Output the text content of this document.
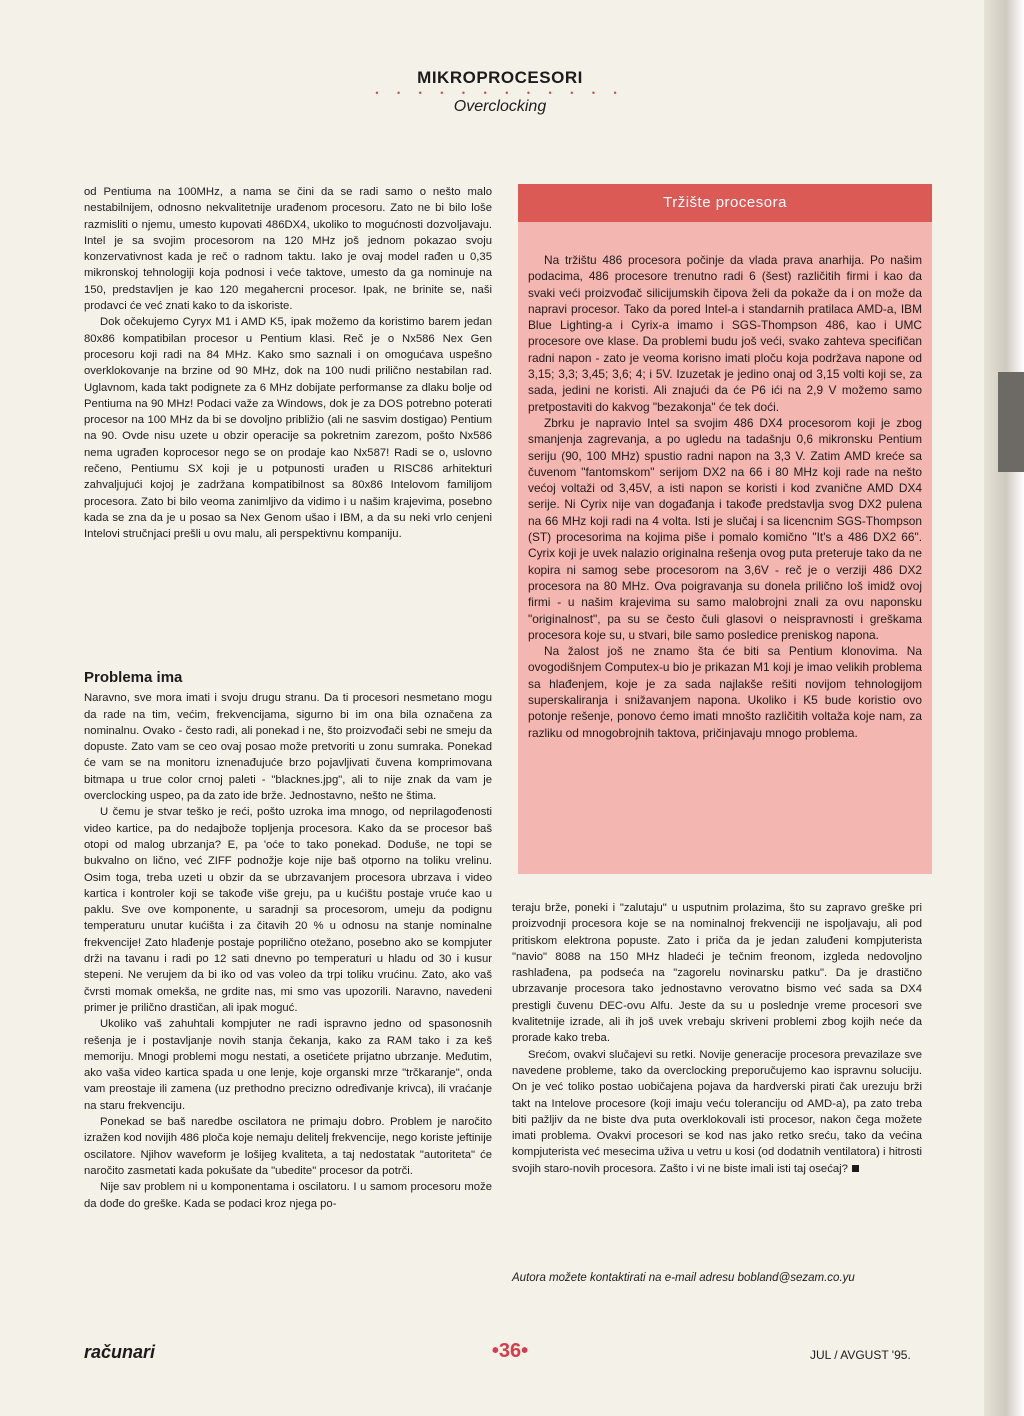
MIKROPROCESORI
• • • • • • • • • • • •
Overclocking

od Pentiuma na 100MHz, a nama se čini da se radi samo o nešto malo nestabilnijem, odnosno nekvalitetnije urađenom procesoru. Zato ne bi bilo loše razmisliti o njemu, umesto kupovati 486DX4, ukoliko to mogućnosti dozvoljavaju. Intel je sa svojim procesorom na 120 MHz još jednom pokazao svoju konzervativnost kada je reč o radnom taktu. Iako je ovaj model rađen u 0,35 mikronskoj tehnologiji koja podnosi i veće taktove, umesto da ga nominuje na 150, predstavljen je kao 120 megahercni procesor. Ipak, ne brinite se, naši prodavci će već znati kako to da iskoriste.

Dok očekujemo Cyryx M1 i AMD K5, ipak možemo da koristimo barem jedan 80x86 kompatibilan procesor u Pentium klasi. Reč je o Nx586 Nex Gen procesoru koji radi na 84 MHz. Kako smo saznali i on omogućava uspešno overklokovanje na brzine od 90 MHz, dok na 100 nudi prilično nestabilan rad. Uglavnom, kada takt podignete za 6 MHz dobijate performanse za dlaku bolje od Pentiuma na 90 MHz! Podaci važe za Windows, dok je za DOS potrebno poterati procesor na 100 MHz da bi se dovoljno približio (ali ne sasvim dostigao) Pentium na 90. Ovde nisu uzete u obzir operacije sa pokretnim zarezom, pošto Nx586 nema ugrađen koprocesor nego se on prodaje kao Nx587! Radi se o, uslovno rečeno, Pentiumu SX koji je u potpunosti urađen u RISC86 arhitekturi zahvaljujući kojoj je zadržana kompatibilnost sa 80x86 Intelovom familijom procesora. Zato bi bilo veoma zanimljivo da vidimo i u našim krajevima, posebno kada se zna da je u posao sa Nex Genom ušao i IBM, a da su neki vrlo cenjeni Intelovi stručnjaci prešli u ovu malu, ali perspektivnu kompaniju.

Problema ima

Naravno, sve mora imati i svoju drugu stranu. Da ti procesori nesmetano mogu da rade na tim, većim, frekvencijama, sigurno bi im ona bila označena za nominalnu. Ovako - često radi, ali ponekad i ne, što proizvođači sebi ne smeju da dopuste. Zato vam se ceo ovaj posao može pretvoriti u zonu sumraka. Ponekad će vam se na monitoru iznenađujuće brzo pojavljivati čuvena komprimovana bitmapa u true color crnoj paleti - "blacknes.jpg", ali to nije znak da vam je overclocking uspeo, pa da zato ide brže. Jednostavno, nešto ne štima.

U čemu je stvar teško je reći, pošto uzroka ima mnogo, od neprilagođenosti video kartice, pa do nedajbože topljenja procesora. Kako da se procesor baš otopi od malog ubrzanja? E, pa 'oće to tako ponekad. Doduše, ne topi se bukvalno on lično, već ZIFF podnožje koje nije baš otporno na toliku vrelinu. Osim toga, treba uzeti u obzir da se ubrzavanjem procesora ubrzava i video kartica i kontroler koji se takođe više greju, pa u kućištu postaje vruće kao u paklu. Sve ove komponente, u saradnji sa procesorom, umeju da podignu temperaturu unutar kućišta i za čitavih 20 % u odnosu na stanje nominalne frekvencije! Zato hlađenje postaje poprilično otežano, posebno ako se kompjuter drži na tavanu i radi po 12 sati dnevno po temperaturi u hladu od 30 i kusur stepeni. Ne verujem da bi iko od vas voleo da trpi toliku vrućinu. Zato, ako vaš čvrsti momak omekša, ne grdite nas, mi smo vas upozorili. Naravno, navedeni primer je prilično drastičan, ali ipak moguć.

Ukoliko vaš zahuhtali kompjuter ne radi ispravno jedno od spasonosnih rešenja je i postavljanje novih stanja čekanja, kako za RAM tako i za keš memoriju. Mnogi problemi mogu nestati, a osetićete prijatno ubrzanje. Međutim, ako vaša video kartica spada u one lenje, koje organski mrze "trčkaranje", onda vam preostaje ili zamena (uz prethodno precizno određivanje krivca), ili vraćanje na staru frekvenciju.

Ponekad se baš naredbe oscilatora ne primaju dobro. Problem je naročito izražen kod novijih 486 ploča koje nemaju delitelj frekvencije, nego koriste jeftinije oscilatore. Njihov waveform je lošijeg kvaliteta, a taj nedostatak "autoriteta" će naročito zasmetati kada pokušate da "ubedite" procesor da potrči.

Nije sav problem ni u komponentama i oscilatoru. I u samom procesoru može da dođe do greške. Kada se podaci kroz njega po-

Tržište procesora

Na tržištu 486 procesora počinje da vlada prava anarhija. Po našim podacima, 486 procesore trenutno radi 6 (šest) različitih firmi i kao da svaki veći proizvođač silicijumskih čipova želi da pokaže da i on može da napravi procesor. Tako da pored Intel-a i standarnih pratilaca AMD-a, IBM Blue Lighting-a i Cyrix-a imamo i SGS-Thompson 486, kao i UMC procesore ove klase. Da problemi budu još veći, svako zahteva specifičan radni napon - zato je veoma korisno imati ploču koja podržava napone od 3,15; 3,3; 3,45; 3,6; 4; i 5V. Izuzetak je jedino onaj od 3,15 volti koji se, za sada, jedini ne koristi. Ali znajući da će P6 ići na 2,9 V možemo samo pretpostaviti do kakvog "bezakonja" će tek doći.

Zbrku je napravio Intel sa svojim 486 DX4 procesorom koji je zbog smanjenja zagrevanja, a po ugledu na tadašnju 0,6 mikronsku Pentium seriju (90, 100 MHz) spustio radni napon na 3,3 V. Zatim AMD kreće sa čuvenom "fantomskom" serijom DX2 na 66 i 80 MHz koji rade na nešto većoj voltaži od 3,45V, a isti napon se koristi i kod zvanične AMD DX4 serije. Ni Cyrix nije van događanja i takođe predstavlja svog DX2 pulena na 66 MHz koji radi na 4 volta. Isti je slučaj i sa licencnim SGS-Thompson (ST) procesorima na kojima piše i pomalo komično "It's a 486 DX2 66". Cyrix koji je uvek nalazio originalna rešenja ovog puta preteruje tako da ne kopira ni samog sebe procesorom na 3,6V - reč je o verziji 486 DX2 procesora na 80 MHz. Ova poigravanja su donela prilično loš imidž ovoj firmi - u našim krajevima su samo malobrojni znali za ovu naponsku "originalnost", pa su se često čuli glasovi o neispravnosti i greškama procesora koje su, u stvari, bile samo posledice preniskog napona.

Na žalost još ne znamo šta će biti sa Pentium klonovima. Na ovogodišnjem Computex-u bio je prikazan M1 koji je imao velikih problema sa hlađenjem, koje je za sada najlakše rešiti novijom tehnologijom superskaliranja i snižavanjem napona. Ukoliko i K5 bude koristio ovo potonje rešenje, ponovo ćemo imati mnošto različitih voltaža koje nam, za razliku od mnogobrojnih taktova, pričinjavaju mnogo problema.

teraju brže, poneki i "zalutaju" u usputnim prolazima, što su zapravo greške pri proizvodnji procesora koje se na nominalnoj frekvenciji ne ispoljavaju, ali pod pritiskom elektrona popuste. Zato i priča da je jedan zaluđeni kompjuterista "navio" 8088 na 150 MHz hladeći je tečnim freonom, izgleda nedovoljno rashlađena, pa podseća na "zagorelu novinarsku patku". Da je drastično ubrzavanje procesora tako jednostavno verovatno bismo već sada sa DX4 prestigli čuvenu DEC-ovu Alfu. Jeste da su u poslednje vreme procesori sve kvalitetnije izrade, ali ih još uvek vrebaju skriveni problemi zbog kojih neće da prorade kako treba.

Srećom, ovakvi slučajevi su retki. Novije generacije procesora prevazilaze sve navedene probleme, tako da overclocking preporučujemo kao ispravnu soluciju. On je već toliko postao uobičajena pojava da hardverski pirati čak urezuju brži takt na Intelove procesore (koji imaju veću toleranciju od AMD-a), pa zato treba biti pažljiv da ne biste dva puta overklokovali isti procesor, nakon čega možete imati problema. Ovakvi procesori se kod nas jako retko sreću, tako da većina kompjuterista već mesecima uživa u vetru u kosi (od dodatnih ventilatora) i hitrosti svojih staro-novih procesora. Zašto i vi ne biste imali isti taj osećaj?

Autora možete kontaktirati na e-mail adresu bobland@sezam.co.yu
računari	•36•	JUL / AVGUST '95.
